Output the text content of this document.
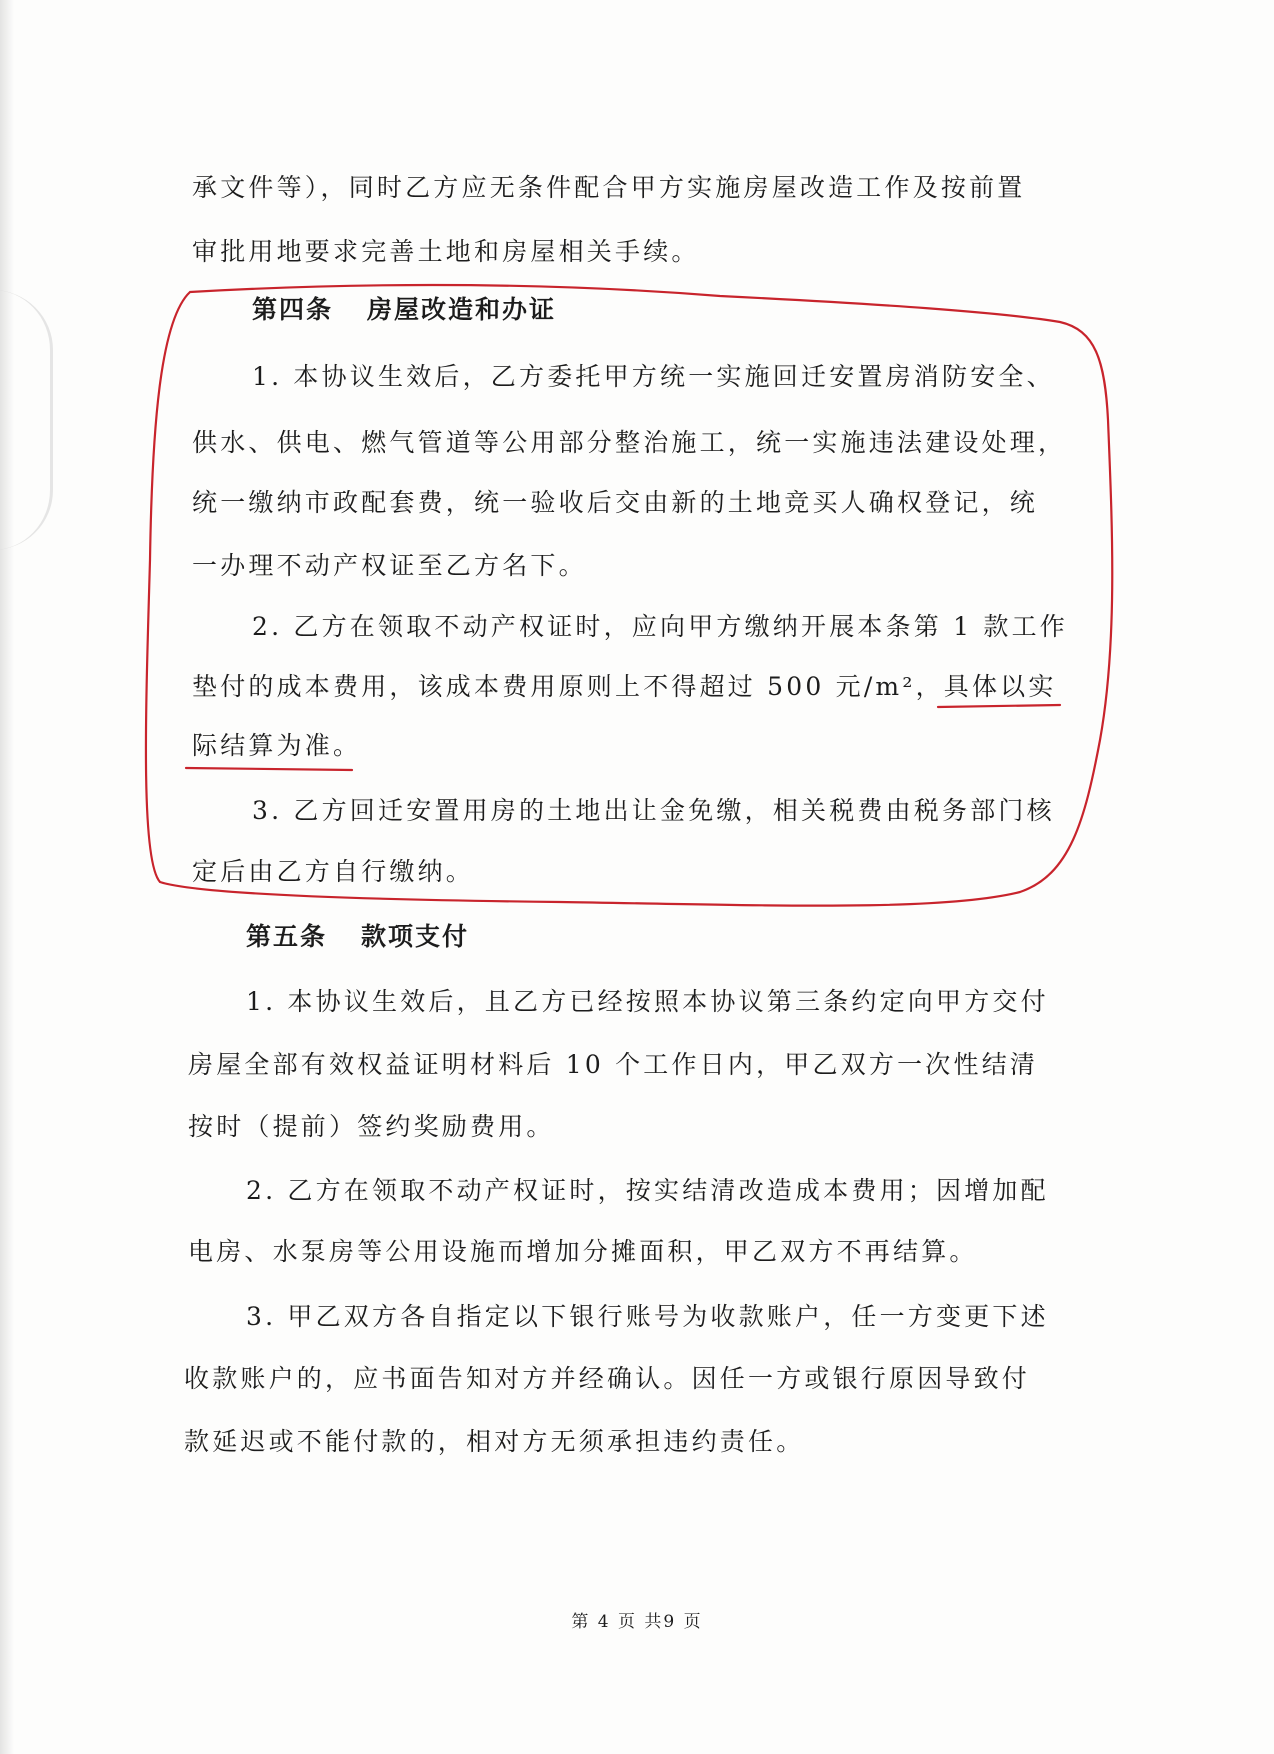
承文件等），同时乙方应无条件配合甲方实施房屋改造工作及按前置
审批用地要求完善土地和房屋相关手续。
第四条 房屋改造和办证
1. 本协议生效后，乙方委托甲方统一实施回迁安置房消防安全、
供水、供电、燃气管道等公用部分整治施工，统一实施违法建设处理，
统一缴纳市政配套费，统一验收后交由新的土地竞买人确权登记，统
一办理不动产权证至乙方名下。
2. 乙方在领取不动产权证时，应向甲方缴纳开展本条第 1 款工作
垫付的成本费用，该成本费用原则上不得超过 500 元/m²，具体以实
际结算为准。
3. 乙方回迁安置用房的土地出让金免缴，相关税费由税务部门核
定后由乙方自行缴纳。
第五条 款项支付
1. 本协议生效后，且乙方已经按照本协议第三条约定向甲方交付
房屋全部有效权益证明材料后 10 个工作日内，甲乙双方一次性结清
按时（提前）签约奖励费用。
2. 乙方在领取不动产权证时，按实结清改造成本费用；因增加配
电房、水泵房等公用设施而增加分摊面积，甲乙双方不再结算。
3. 甲乙双方各自指定以下银行账号为收款账户，任一方变更下述
收款账户的，应书面告知对方并经确认。因任一方或银行原因导致付
款延迟或不能付款的，相对方无须承担违约责任。
第 4 页 共9 页
